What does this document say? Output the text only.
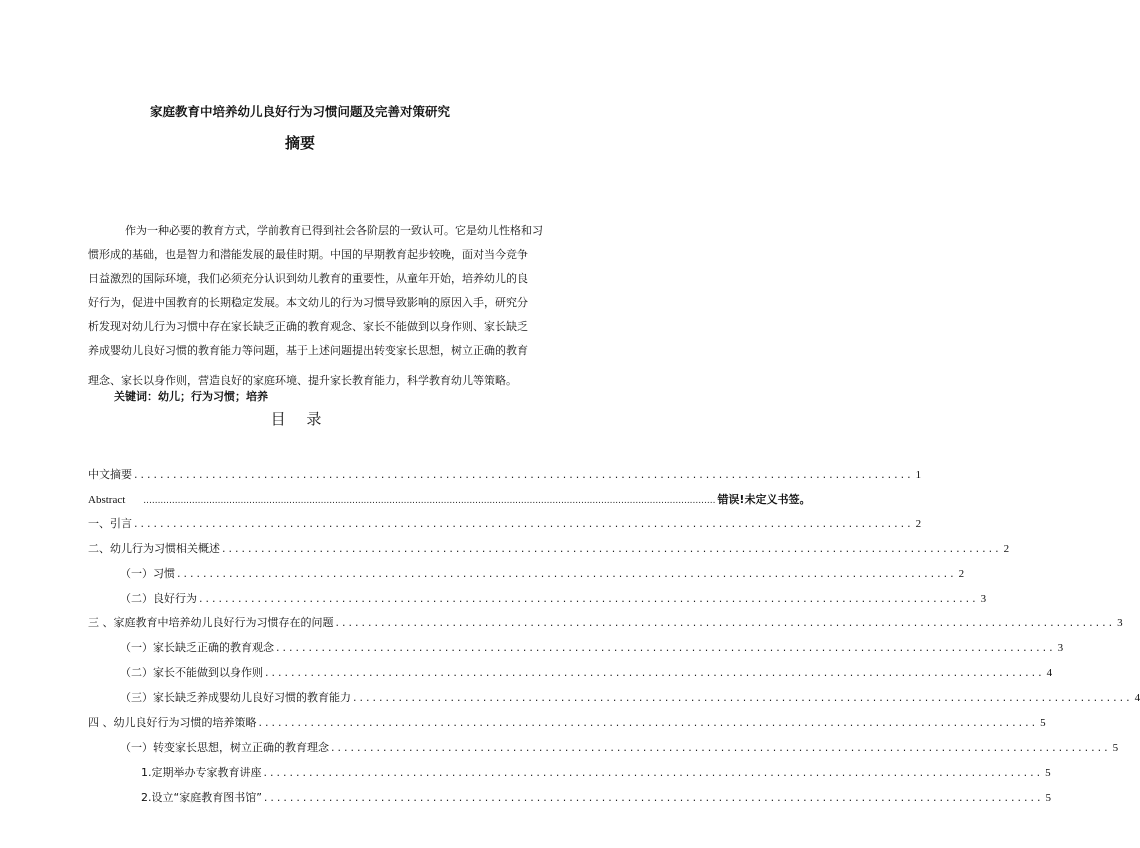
家庭教育中培养幼儿良好行为习惯问题及完善对策研究
摘要
作为一种必要的教育方式，学前教育已得到社会各阶层的一致认可。它是幼儿性格和习
惯形成的基础，也是智力和潜能发展的最佳时期。中国的早期教育起步较晚，面对当今竞争
日益激烈的国际环境，我们必须充分认识到幼儿教育的重要性，从童年开始，培养幼儿的良
好行为，促进中国教育的长期稳定发展。本文幼儿的行为习惯导致影响的原因入手，研究分
析发现对幼儿行为习惯中存在家长缺乏正确的教育观念、家长不能做到以身作则、家长缺乏
养成婴幼儿良好习惯的教育能力等问题，基于上述问题提出转变家长思想，树立正确的教育
理念、家长以身作则，营造良好的家庭环境、提升家长教育能力，科学教育幼儿等策略。
关键词：幼儿；行为习惯；培养
目 录
中文摘要 ........................................................................................................................ 1
Abstract ........................................................................................................................................................................................................ 错误!未定义书签。
一、引言 ........................................................................................................................ 2
二、幼儿行为习惯相关概述 ........................................................................................................................ 2
（一）习惯 ........................................................................................................................ 2
（二）良好行为 ........................................................................................................................ 3
三 、家庭教育中培养幼儿良好行为习惯存在的问题 ........................................................................................................................ 3
（一）家长缺乏正确的教育观念 ........................................................................................................................ 3
（二）家长不能做到以身作则 ........................................................................................................................ 4
（三）家长缺乏养成婴幼儿良好习惯的教育能力 ........................................................................................................................ 4
四 、幼儿良好行为习惯的培养策略 ........................................................................................................................ 5
（一）转变家长思想，树立正确的教育理念 ........................................................................................................................ 5
1.定期举办专家教育讲座 ........................................................................................................................ 5
2.设立“家庭教育图书馆” ........................................................................................................................ 5
